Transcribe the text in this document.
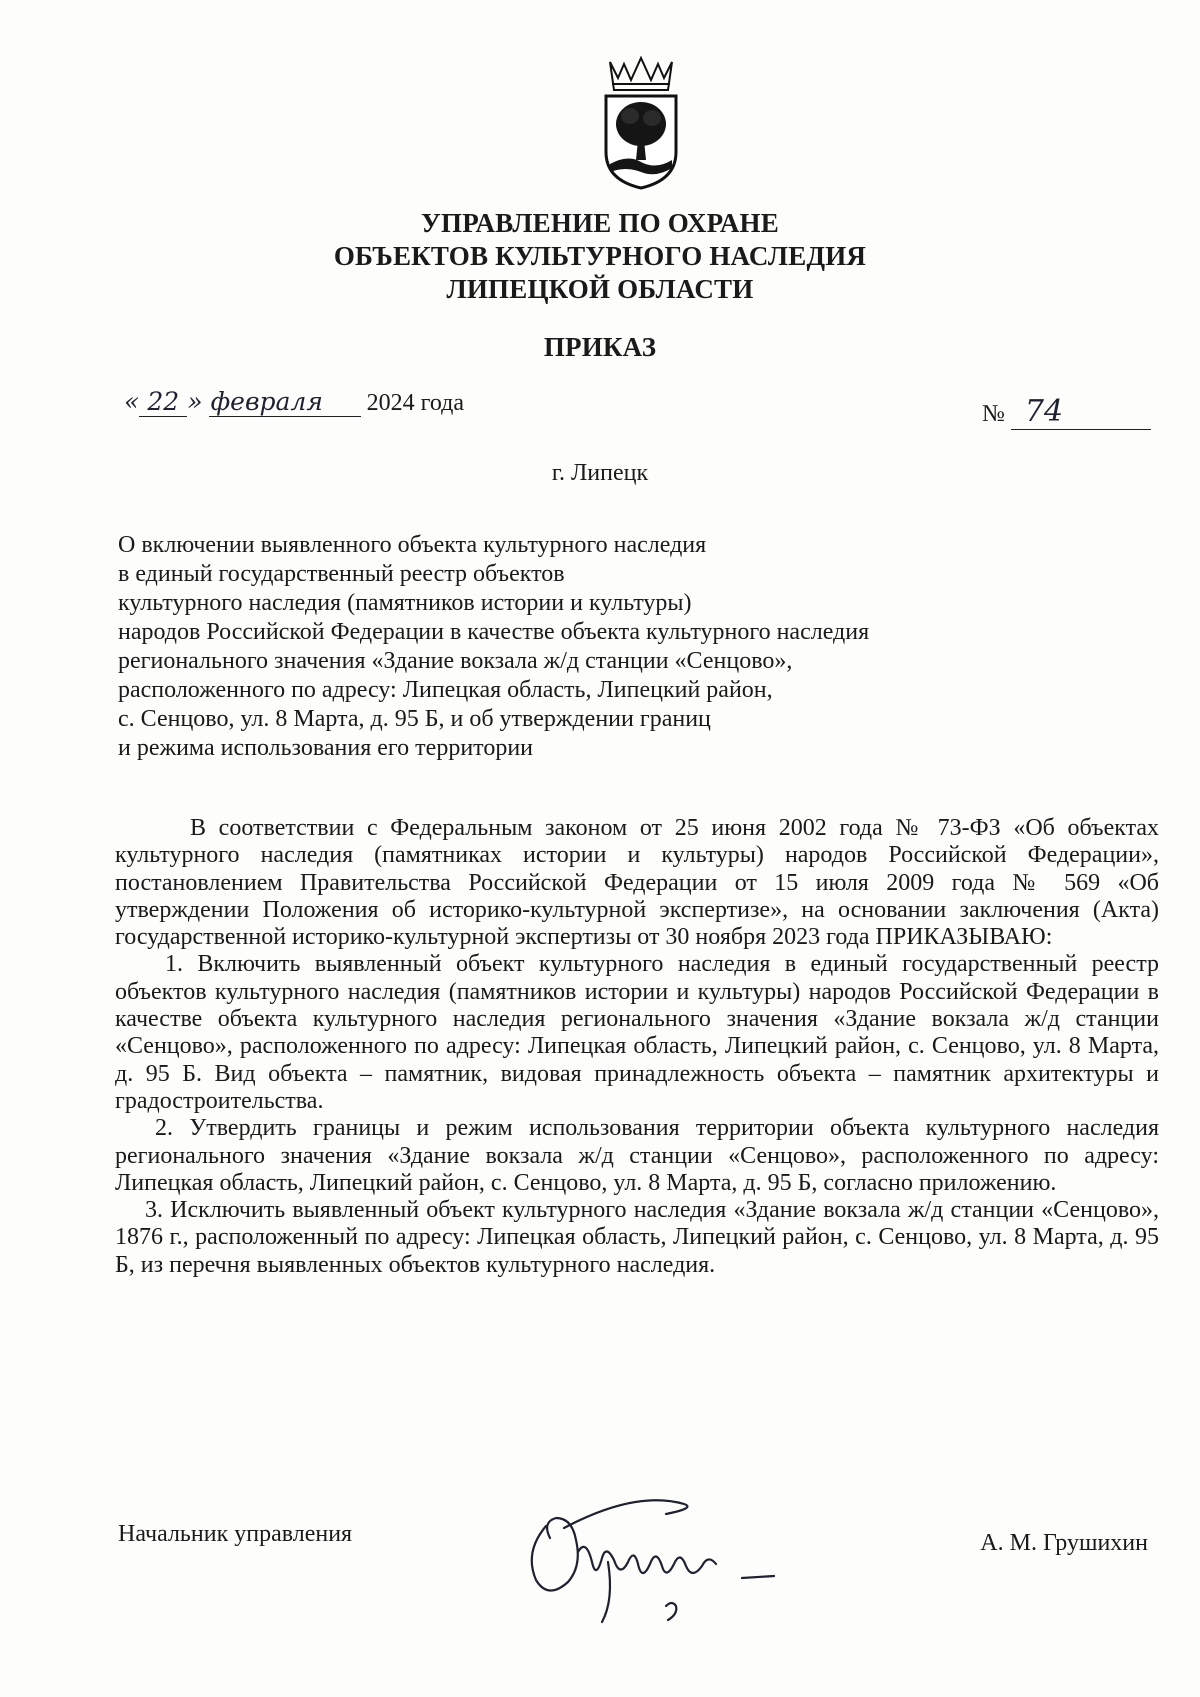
УПРАВЛЕНИЕ ПО ОХРАНЕ
ОБЪЕКТОВ КУЛЬТУРНОГО НАСЛЕДИЯ
ЛИПЕЦКОЙ ОБЛАСТИ
ПРИКАЗ
« 22 » февраля 2024 года	№ 74
г. Липецк
О включении выявленного объекта культурного наследия
в единый государственный реестр объектов
культурного наследия (памятников истории и культуры)
народов Российской Федерации в качестве объекта культурного наследия
регионального значения «Здание вокзала ж/д станции «Сенцово»,
расположенного по адресу: Липецкая область, Липецкий район,
с. Сенцово, ул. 8 Марта, д. 95 Б, и об утверждении границ
и режима использования его территории

В соответствии с Федеральным законом от 25 июня 2002 года № 73-ФЗ «Об объектах культурного наследия (памятниках истории и культуры) народов Российской Федерации», постановлением Правительства Российской Федерации от 15 июля 2009 года № 569 «Об утверждении Положения об историко-культурной экспертизе», на основании заключения (Акта) государственной историко-культурной экспертизы от 30 ноября 2023 года ПРИКАЗЫВАЮ:

1. Включить выявленный объект культурного наследия в единый государственный реестр объектов культурного наследия (памятников истории и культуры) народов Российской Федерации в качестве объекта культурного наследия регионального значения «Здание вокзала ж/д станции «Сенцово», расположенного по адресу: Липецкая область, Липецкий район, с. Сенцово, ул. 8 Марта, д. 95 Б. Вид объекта – памятник, видовая принадлежность объекта – памятник архитектуры и градостроительства.

2. Утвердить границы и режим использования территории объекта культурного наследия регионального значения «Здание вокзала ж/д станции «Сенцово», расположенного по адресу: Липецкая область, Липецкий район, с. Сенцово, ул. 8 Марта, д. 95 Б, согласно приложению.

3. Исключить выявленный объект культурного наследия «Здание вокзала ж/д станции «Сенцово», 1876 г., расположенный по адресу: Липецкая область, Липецкий район, с. Сенцово, ул. 8 Марта, д. 95 Б, из перечня выявленных объектов культурного наследия.

Начальник управления	А. М. Грушихин
